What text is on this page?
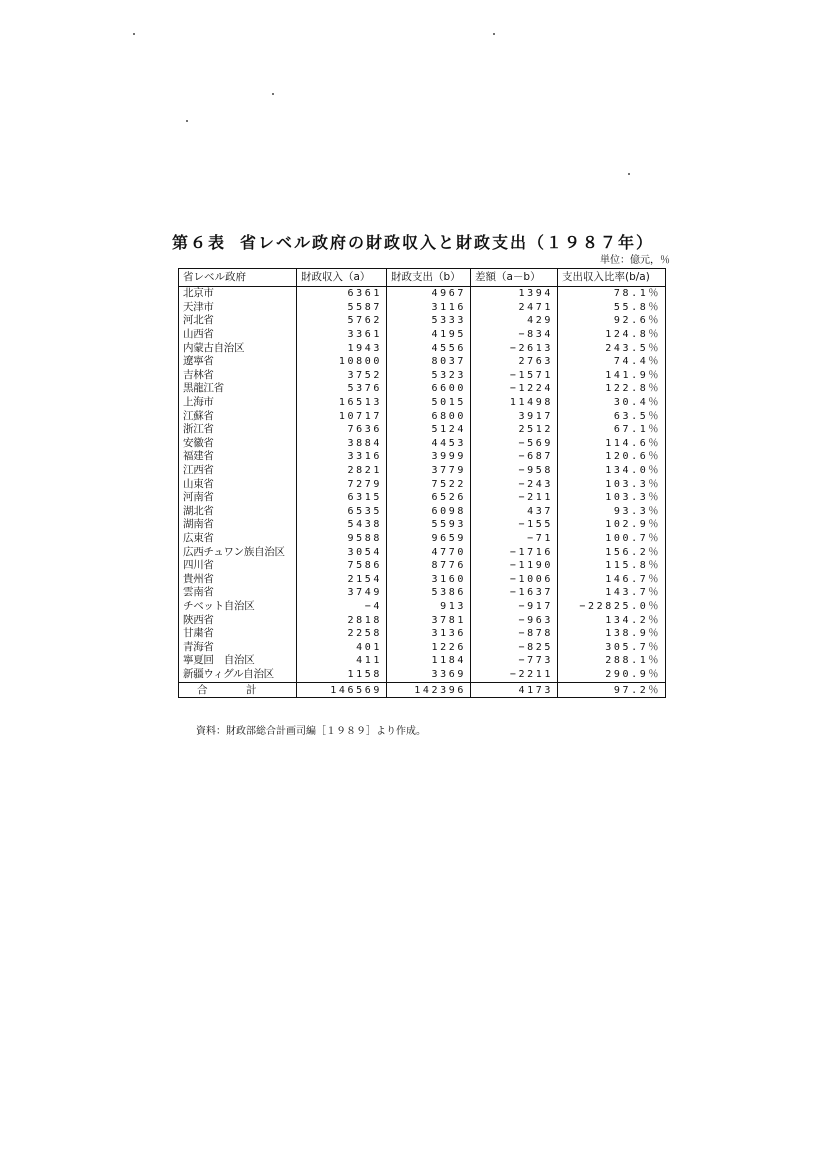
第６表 省レベル政府の財政収入と財政支出（１９８７年）
単位：億元，％
省レベル政府	財政収入（a）	財政支出（b）	差額（a－b）	支出収入比率(b/a)
北京市	6361	4967	1394	78.1％
天津市	5587	3116	2471	55.8％
河北省	5762	5333	429	92.6％
山西省	3361	4195	−834	124.8％
内蒙古自治区	1943	4556	−2613	243.5％
遼寧省	10800	8037	2763	74.4％
吉林省	3752	5323	−1571	141.9％
黒龍江省	5376	6600	−1224	122.8％
上海市	16513	5015	11498	30.4％
江蘇省	10717	6800	3917	63.5％
浙江省	7636	5124	2512	67.1％
安徽省	3884	4453	−569	114.6％
福建省	3316	3999	−687	120.6％
江西省	2821	3779	−958	134.0％
山東省	7279	7522	−243	103.3％
河南省	6315	6526	−211	103.3％
湖北省	6535	6098	437	93.3％
湖南省	5438	5593	−155	102.9％
広東省	9588	9659	−71	100.7％
広西チュワン族自治区	3054	4770	−1716	156.2％
四川省	7586	8776	−1190	115.8％
貴州省	2154	3160	−1006	146.7％
雲南省	3749	5386	−1637	143.7％
チベット自治区	−4	913	−917	−22825.0％
陝西省	2818	3781	−963	134.2％
甘粛省	2258	3136	−878	138.9％
青海省	401	1226	−825	305.7％
寧夏回　自治区	411	1184	−773	288.1％
新疆ウィグル自治区	1158	3369	−2211	290.9％
合　計	146569	142396	4173	97.2％
資料：財政部総合計画司編［１９８９］より作成。
